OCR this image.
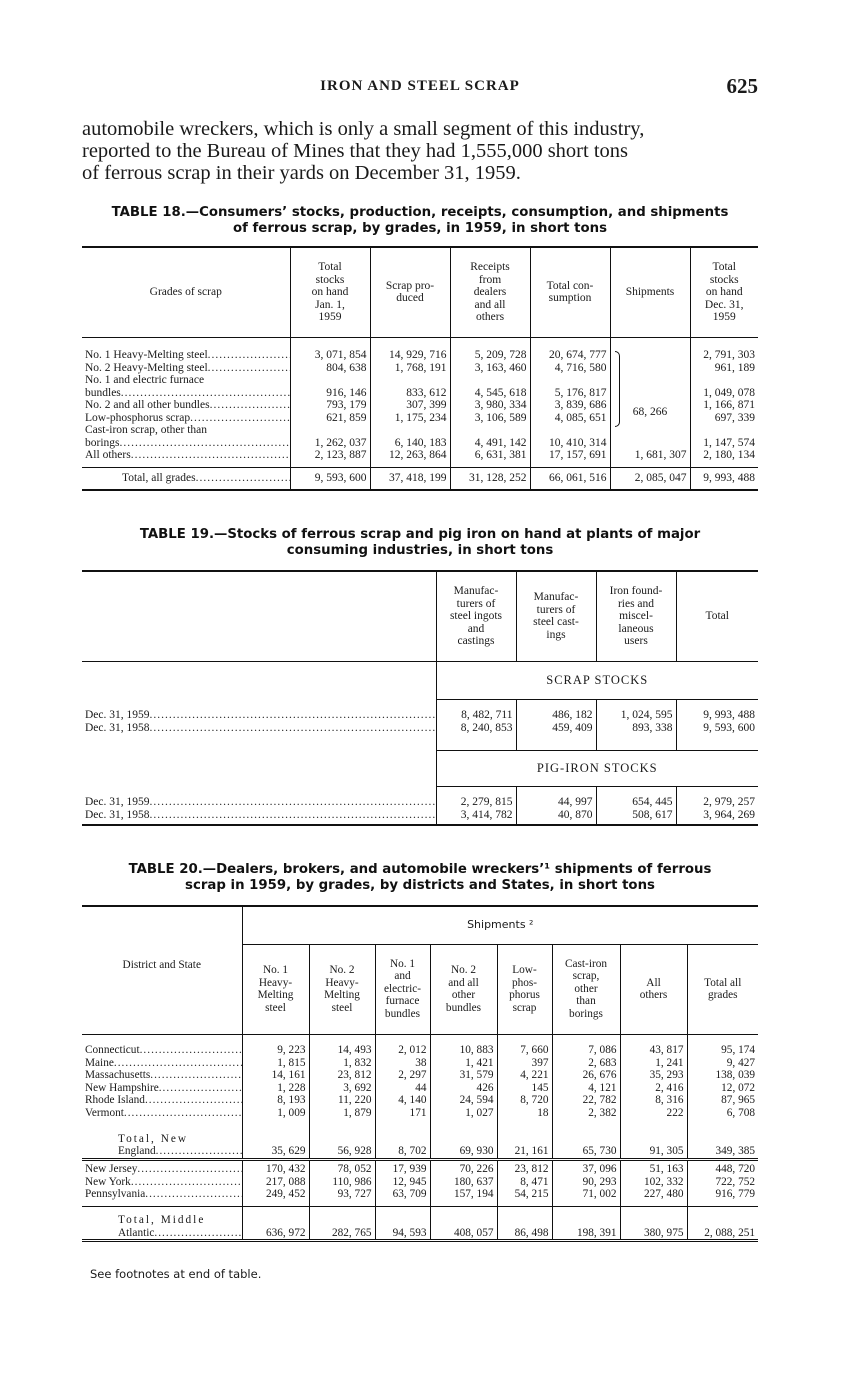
IRON AND STEEL SCRAP	625
automobile wreckers, which is only a small segment of this industry,
reported to the Bureau of Mines that they had 1,555,000 short tons
of ferrous scrap in their yards on December 31, 1959.
TABLE 18.—Consumers’ stocks, production, receipts, consumption, and shipments
of ferrous scrap, by grades, in 1959, in short tons
Grades of scrap	Total
stocks
on hand
Jan. 1,
1959	Scrap pro-
duced	Receipts
from
dealers
and all
others	Total con-
sumption	Shipments	Total
stocks
on hand
Dec. 31,
1959

No. 1 Heavy-Melting steel .....	3, 071, 854	14, 929, 716	5, 209, 728	20, 674, 777	68, 266	2, 791, 303
No. 2 Heavy-Melting steel .....	804, 638	1, 768, 191	3, 163, 460	4, 716, 580		961, 189

No. 1 and electric furnace
bundles .....	916, 146	833, 612	4, 545, 618	5, 176, 817		1, 049, 078
No. 2 and all other bundles .....	793, 179	307, 399	3, 980, 334	3, 839, 686		1, 166, 871
Low-phosphorus scrap .....	621, 859	1, 175, 234	3, 106, 589	4, 085, 651		697, 339

Cast-iron scrap, other than
borings .....	1, 262, 037	6, 140, 183	4, 491, 142	10, 410, 314		1, 147, 574
All others .....	2, 123, 887	12, 263, 864	6, 631, 381	17, 157, 691	1, 681, 307	2, 180, 134

Total, all grades .....	9, 593, 600	37, 418, 199	31, 128, 252	66, 061, 516	2, 085, 047	9, 993, 488
TABLE 19.—Stocks of ferrous scrap and pig iron on hand at plants of major
consuming industries, in short tons

	Manufac-
turers of
steel ingots
and
castings	Manufac-
turers of
steel cast-
ings	Iron found-
ries and
miscel-
laneous
users	Total
	SCRAP STOCKS			

Dec. 31, 1959 .....	8, 482, 711	486, 182	1, 024, 595	9, 993, 488
Dec. 31, 1958 .....	8, 240, 853	459, 409	893, 338	9, 593, 600

	PIG-IRON STOCKS			

Dec. 31, 1959 .....	2, 279, 815	44, 997	654, 445	2, 979, 257
Dec. 31, 1958 .....	3, 414, 782	40, 870	508, 617	3, 964, 269
TABLE 20.—Dealers, brokers, and automobile wreckers’¹ shipments of ferrous
scrap in 1959, by grades, by districts and States, in short tons
District and State	Shipments ²							

	No. 1
Heavy-
Melting
steel	No. 2
Heavy-
Melting
steel	No. 1
and
electric-
furnace
bundles	No. 2
and all
other
bundles	Low-
phos-
phorus
scrap	Cast-iron
scrap,
other
than
borings	All
others	Total all
grades

Connecticut .....	9, 223	14, 493	2, 012	10, 883	7, 660	7, 086	43, 817	95, 174
Maine .....	1, 815	1, 832	38	1, 421	397	2, 683	1, 241	9, 427
Massachusetts .....	14, 161	23, 812	2, 297	31, 579	4, 221	26, 676	35, 293	138, 039
New Hampshire .....	1, 228	3, 692	44	426	145	4, 121	2, 416	12, 072
Rhode Island .....	8, 193	11, 220	4, 140	24, 594	8, 720	22, 782	8, 316	87, 965
Vermont .....	1, 009	1, 879	171	1, 027	18	2, 382	222	6, 708

Total, New
England .....	35, 629	56, 928	8, 702	69, 930	21, 161	65, 730	91, 305	349, 385

New Jersey .....	170, 432	78, 052	17, 939	70, 226	23, 812	37, 096	51, 163	448, 720
New York .....	217, 088	110, 986	12, 945	180, 637	8, 471	90, 293	102, 332	722, 752
Pennsylvania .....	249, 452	93, 727	63, 709	157, 194	54, 215	71, 002	227, 480	916, 779

Total, Middle
Atlantic .....	636, 972	282, 765	94, 593	408, 057	86, 498	198, 391	380, 975	2, 088, 251

See footnotes at end of table.
